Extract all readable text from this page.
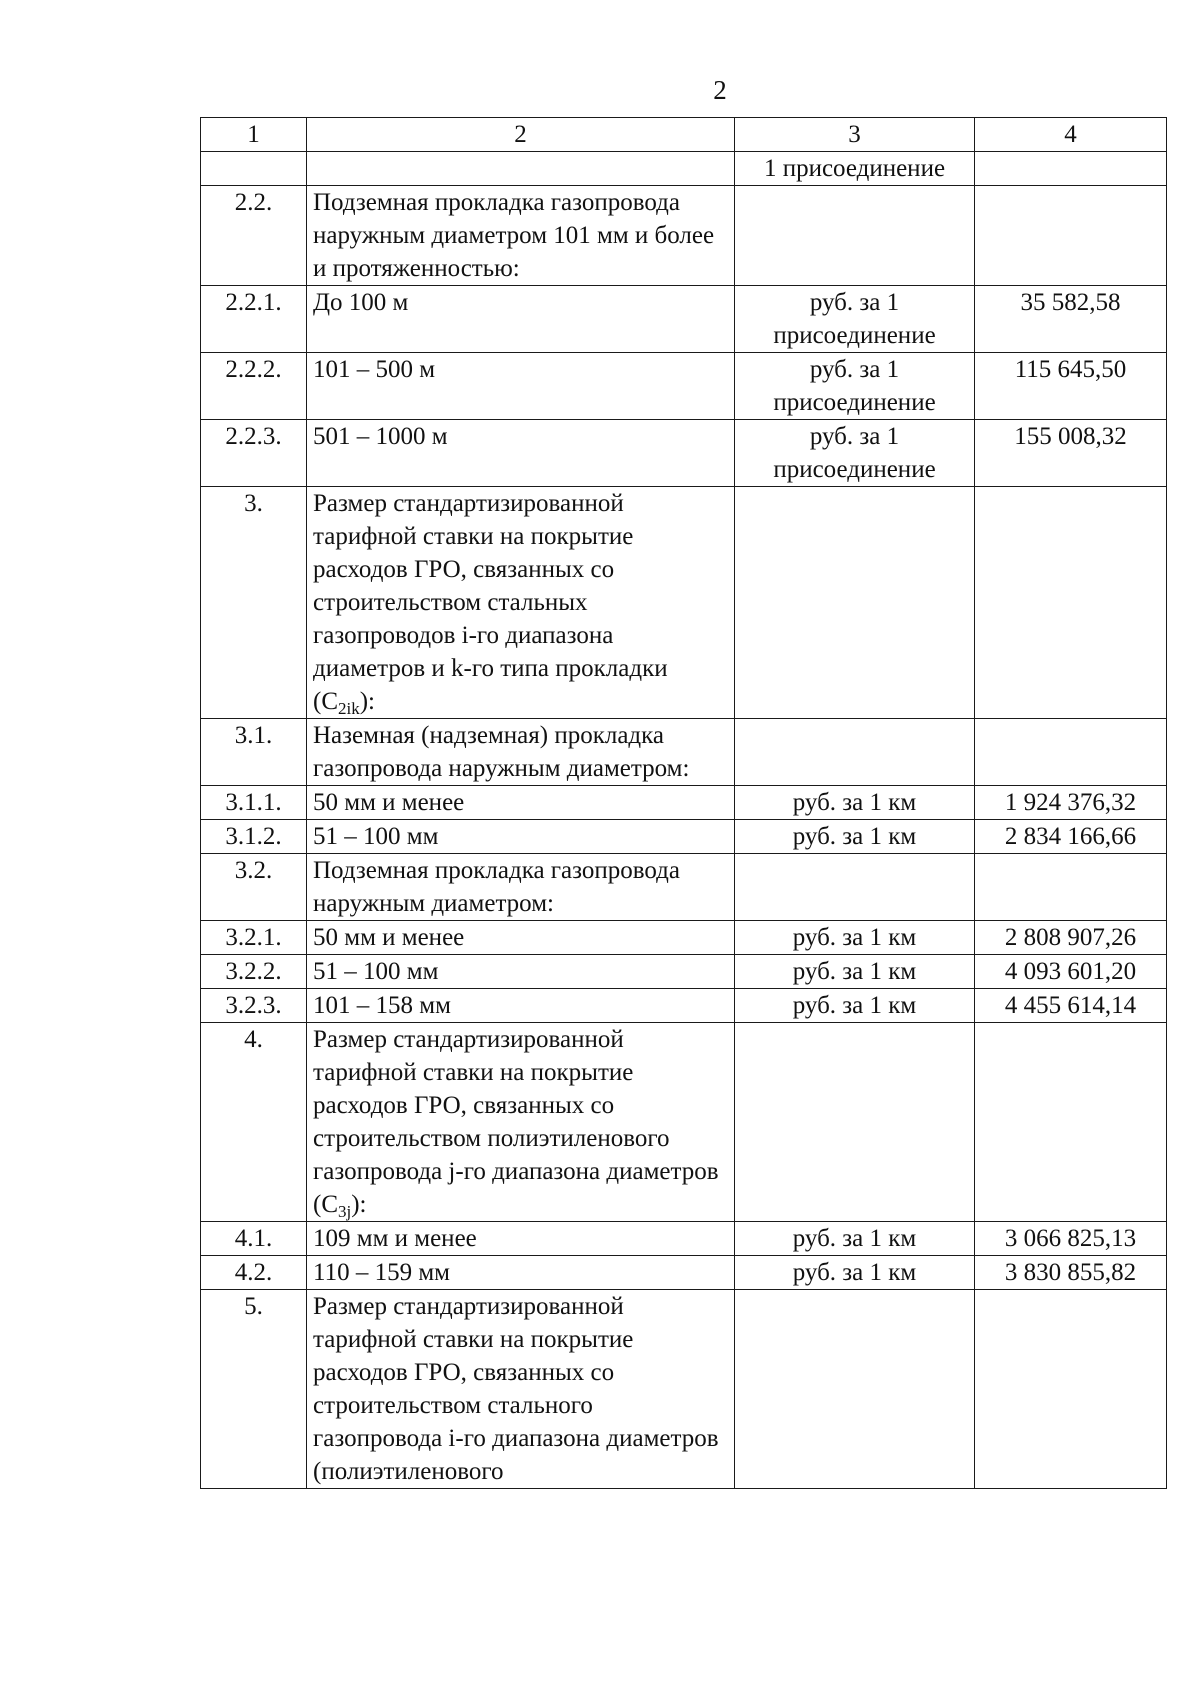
2
1	2	3	4
		1 присоединение	
2.2.	Подземная прокладка газопровода наружным диаметром 101 мм и более и протяженностью:		
2.2.1.	До 100 м	руб. за 1 присоединение	35 582,58
2.2.2.	101 – 500 м	руб. за 1 присоединение	115 645,50
2.2.3.	501 – 1000 м	руб. за 1 присоединение	155 008,32
3.	Размер стандартизированной тарифной ставки на покрытие расходов ГРО, связанных со строительством стальных газопроводов i-го диапазона диаметров и k-го типа прокладки $(C_{2ik})$:		
3.1.	Наземная (надземная) прокладка газопровода наружным диаметром:		
3.1.1.	50 мм и менее	руб. за 1 км	1 924 376,32
3.1.2.	51 – 100 мм	руб. за 1 км	2 834 166,66
3.2.	Подземная прокладка газопровода наружным диаметром:		
3.2.1.	50 мм и менее	руб. за 1 км	2 808 907,26
3.2.2.	51 – 100 мм	руб. за 1 км	4 093 601,20
3.2.3.	101 – 158 мм	руб. за 1 км	4 455 614,14
4.	Размер стандартизированной тарифной ставки на покрытие расходов ГРО, связанных со строительством полиэтиленового газопровода j-го диапазона диаметров $(C_{3j})$:		
4.1.	109 мм и менее	руб. за 1 км	3 066 825,13
4.2.	110 – 159 мм	руб. за 1 км	3 830 855,82
5.	Размер стандартизированной тарифной ставки на покрытие расходов ГРО, связанных со строительством стального газопровода i-го диапазона диаметров (полиэтиленового		
